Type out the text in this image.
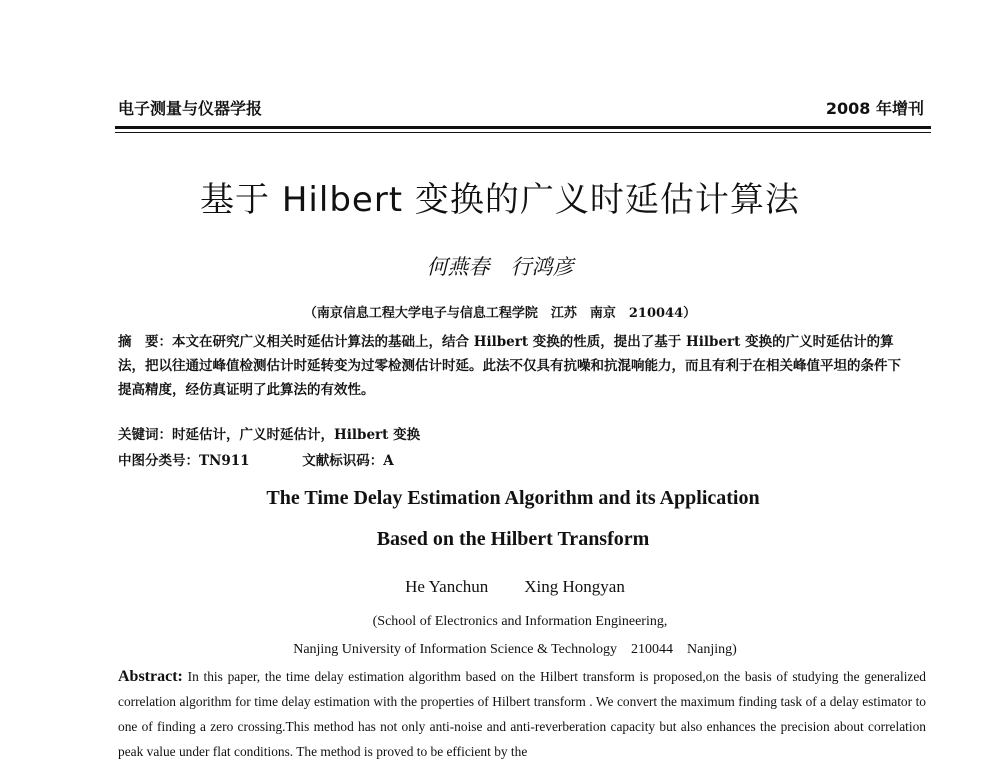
电子测量与仪器学报	2008 年增刊
基于 Hilbert 变换的广义时延估计算法
何燕春　行鸿彦
（南京信息工程大学电子与信息工程学院　江苏　南京　210044）
摘　要：本文在研究广义相关时延估计算法的基础上，结合 Hilbert 变换的性质，提出了基于 Hilbert 变换的广义时延估计的算法，把以往通过峰值检测估计时延转变为过零检测估计时延。此法不仅具有抗噪和抗混响能力，而且有利于在相关峰值平坦的条件下提高精度，经仿真证明了此算法的有效性。
关键词：时延估计，广义时延估计，Hilbert 变换
中图分类号：TN911	文献标识码：A
The Time Delay Estimation Algorithm and its Application
Based on the Hilbert Transform
He Yanchun Xing Hongyan
(School of Electronics and Information Engineering,
Nanjing University of Information Science & Technology　210044　Nanjing)
Abstract: In this paper, the time delay estimation algorithm based on the Hilbert transform is proposed,on the basis of studying the generalized correlation algorithm for time delay estimation with the properties of Hilbert transform . We convert the maximum finding task of a delay estimator to one of finding a zero crossing.This method has not only anti-noise and anti-reverberation capacity but also enhances the precision about correlation peak value under flat conditions. The method is proved to be efficient by the
